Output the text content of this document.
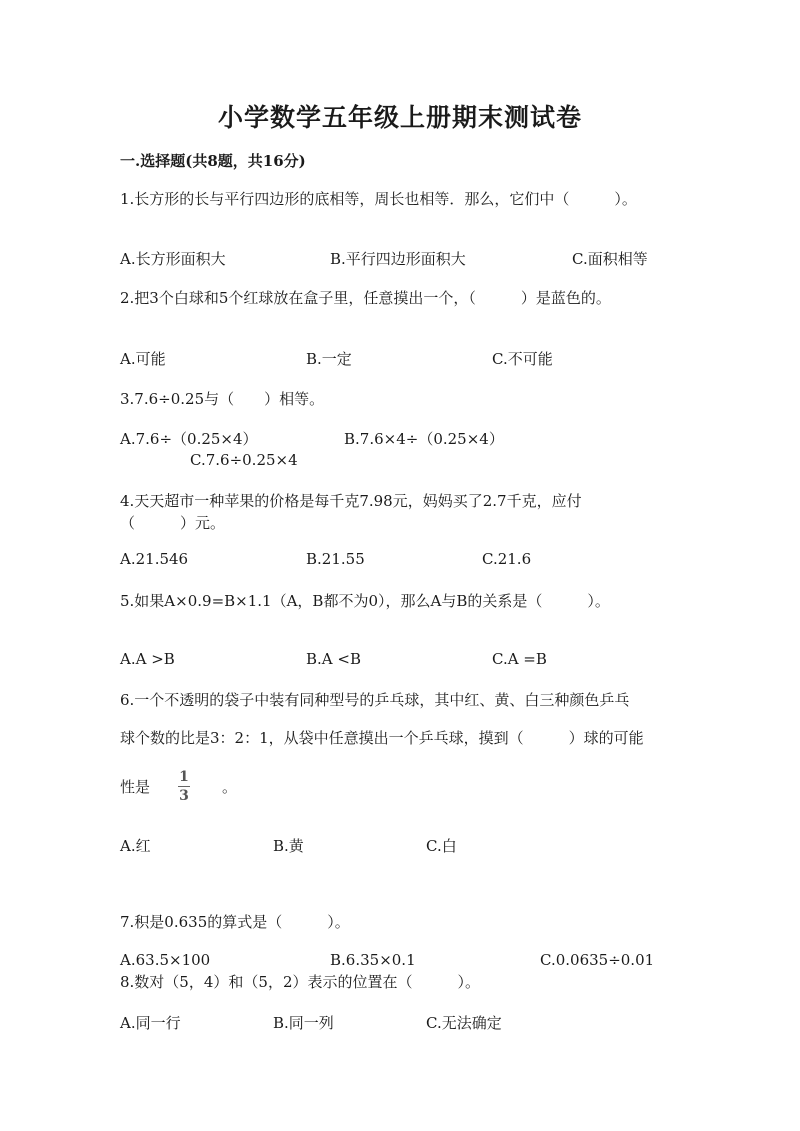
小学数学五年级上册期末测试卷
一.选择题(共8题，共16分)
1.长方形的长与平行四边形的底相等，周长也相等．那么，它们中（　　　）。
A.长方形面积大	B.平行四边形面积大	C.面积相等
2.把3个白球和5个红球放在盒子里，任意摸出一个，（　　　）是蓝色的。
A.可能	B.一定	C.不可能
3.7.6÷0.25与（　　）相等。
A.7.6÷（0.25×4）	B.7.6×4÷（0.25×4）
C.7.6÷0.25×4
4.天天超市一种苹果的价格是每千克7.98元，妈妈买了2.7千克，应付
（　　　）元。
A.21.546	B.21.55	C.21.6
5.如果A×0.9=B×1.1（A，B都不为0），那么A与B的关系是（　　　）。
A.A >B	B.A <B	C.A =B
6.一个不透明的袋子中装有同种型号的乒乓球，其中红、黄、白三种颜色乒乓
球个数的比是3：2：1，从袋中任意摸出一个乒乓球，摸到（　　　）球的可能
性是 $\frac{1}{3}$ 。
A.红	B.黄	C.白
7.积是0.635的算式是（　　　）。
A.63.5×100	B.6.35×0.1	C.0.0635÷0.01
8.数对（5，4）和（5，2）表示的位置在（　　　）。
A.同一行	B.同一列	C.无法确定
